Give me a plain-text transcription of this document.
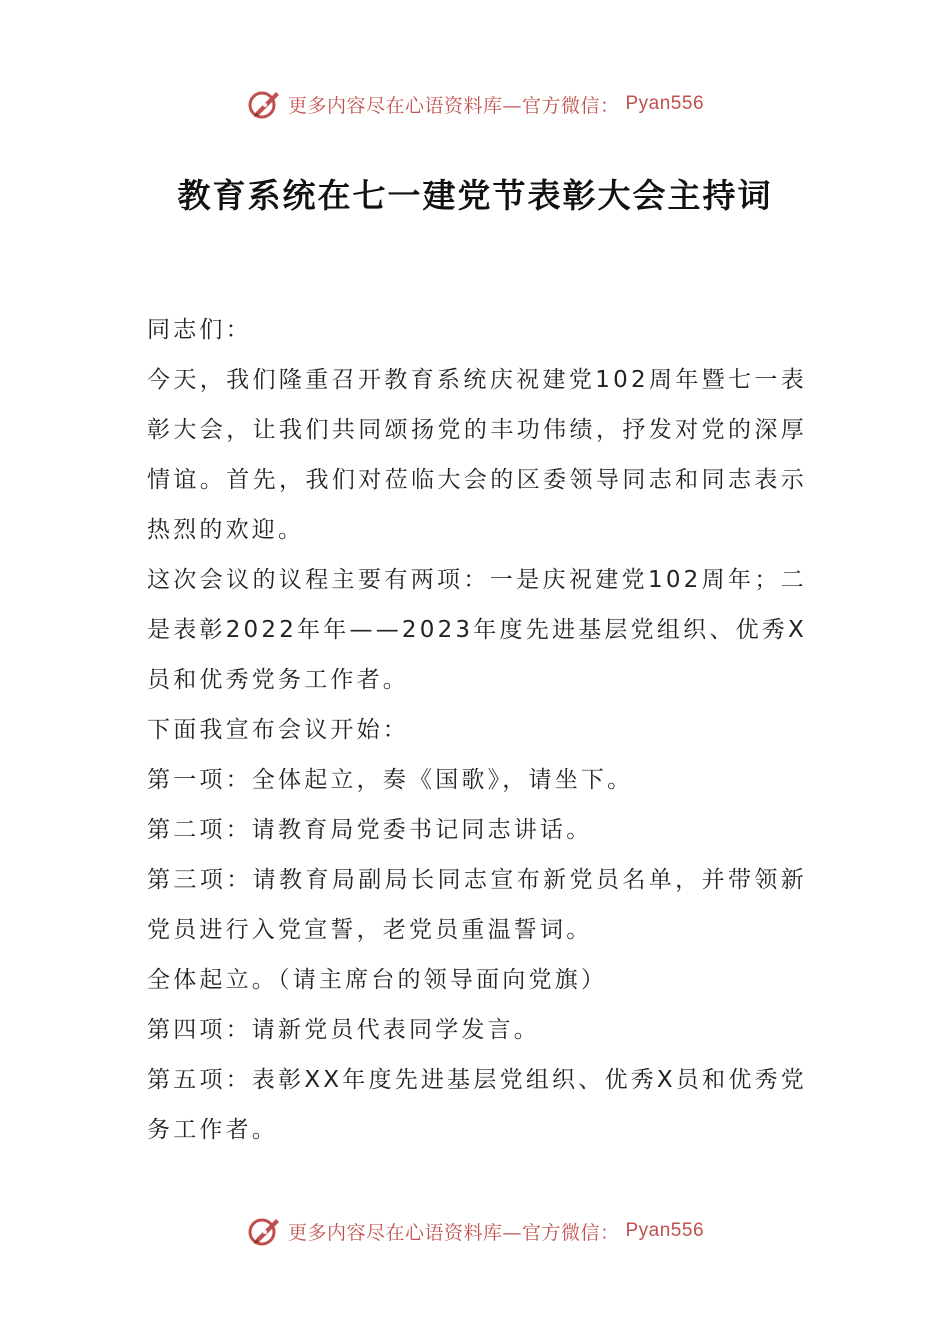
更多内容尽在心语资料库—官方微信： Pyan556
教育系统在七一建党节表彰大会主持词

同志们：

今天，我们隆重召开教育系统庆祝建党102周年暨七一表彰大会，让我们共同颂扬党的丰功伟绩，抒发对党的深厚情谊。首先，我们对莅临大会的区委领导同志和同志表示热烈的欢迎。

这次会议的议程主要有两项：一是庆祝建党102周年；二是表彰2022年年——2023年度先进基层党组织、优秀X员和优秀党务工作者。

下面我宣布会议开始：

第一项：全体起立，奏《国歌》，请坐下。

第二项：请教育局党委书记同志讲话。

第三项：请教育局副局长同志宣布新党员名单，并带领新党员进行入党宣誓，老党员重温誓词。

全体起立。（请主席台的领导面向党旗）

第四项：请新党员代表同学发言。

第五项：表彰XX年度先进基层党组织、优秀X员和优秀党务工作者。

更多内容尽在心语资料库—官方微信： Pyan556
